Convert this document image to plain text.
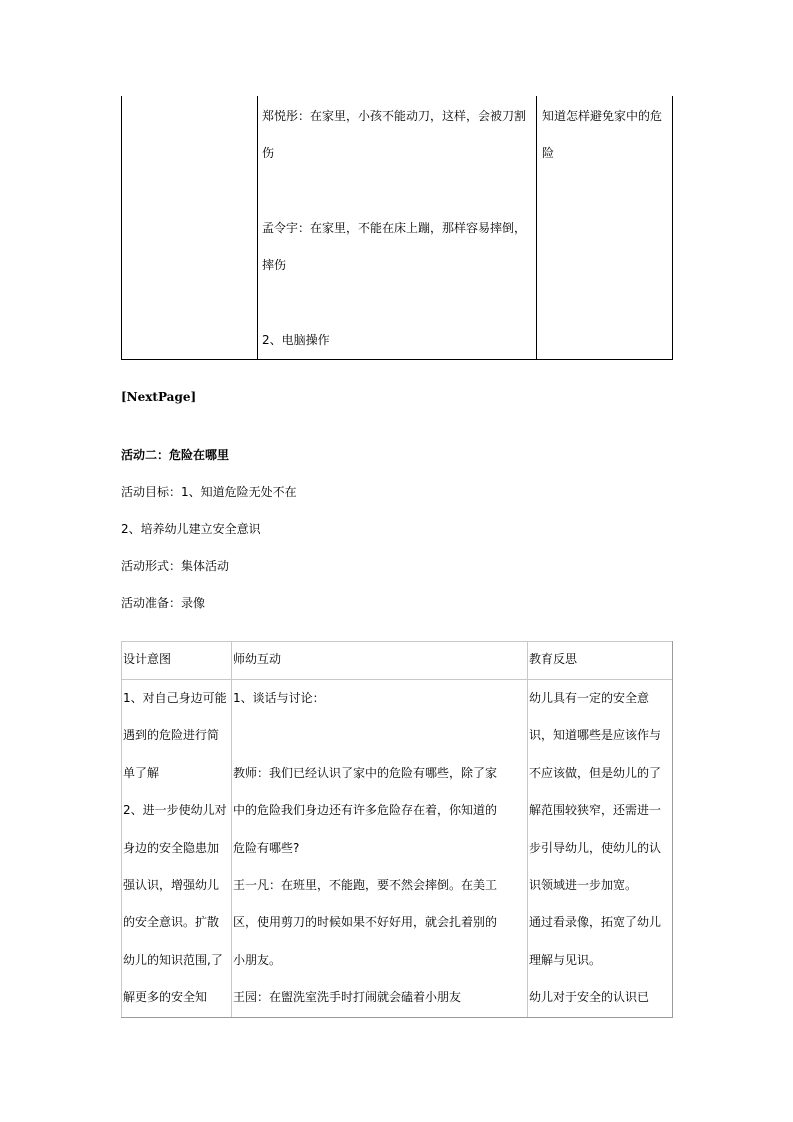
郑悦彤：在家里，小孩不能动刀，这样，会被刀割
伤
孟令宇：在家里，不能在床上蹦，那样容易摔倒，
摔伤
2、电脑操作
知道怎样避免家中的危
险
[NextPage]
活动二：危险在哪里
活动目标：1、知道危险无处不在
2、培养幼儿建立安全意识
活动形式：集体活动
活动准备：录像
设计意图	师幼互动	教育反思
1、对自己身边可能
遇到的危险进行简
单了解
2、进一步使幼儿对
身边的安全隐患加
强认识，增强幼儿
的安全意识。扩散
幼儿的知识范围,了
解更多的安全知
1、谈话与讨论：
教师：我们已经认识了家中的危险有哪些，除了家
中的危险我们身边还有许多危险存在着，你知道的
危险有哪些?
王一凡：在班里，不能跑，要不然会摔倒。在美工
区，使用剪刀的时候如果不好好用，就会扎着别的
小朋友。
王园：在盥洗室洗手时打闹就会磕着小朋友
幼儿具有一定的安全意
识，知道哪些是应该作与
不应该做，但是幼儿的了
解范围较狭窄，还需进一
步引导幼儿，使幼儿的认
识领域进一步加宽。
通过看录像，拓宽了幼儿
理解与见识。
幼儿对于安全的认识已
